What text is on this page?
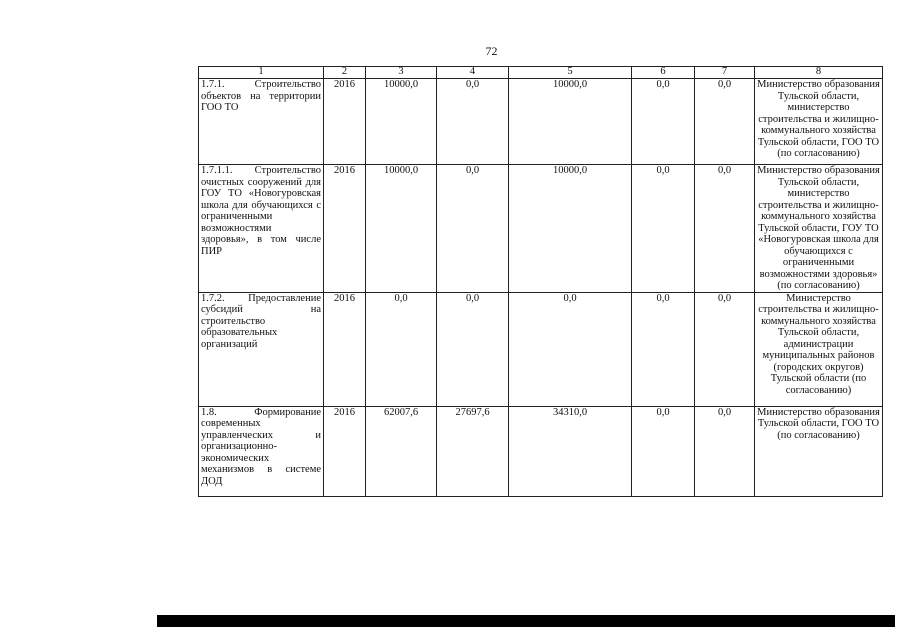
72
1	2	3	4	5	6	7	8
1.7.1. Строительство объектов на территории ГОО ТО	2016	10000,0	0,0	10000,0	0,0	0,0	Министерство образования Тульской области, министерство строительства и жилищно-коммунального хозяйства Тульской области, ГОО ТО (по согласованию)
1.7.1.1. Строительство очистных сооружений для ГОУ ТО «Новогуровская школа для обучающихся с ограниченными возможностями здоровья», в том числе ПИР	2016	10000,0	0,0	10000,0	0,0	0,0	Министерство образования Тульской области, министерство строительства и жилищно-коммунального хозяйства Тульской области, ГОУ ТО «Новогуровская школа для обучающихся с ограниченными возможностями здоровья» (по согласованию)
1.7.2. Предоставление субсидий на строительство образовательных организаций	2016	0,0	0,0	0,0	0,0	0,0	Министерство строительства и жилищно-коммунального хозяйства Тульской области, администрации муниципальных районов (городских округов) Тульской области (по согласованию)
1.8. Формирование современных управленческих и организационно-экономических механизмов в системе ДОД	2016	62007,6	27697,6	34310,0	0,0	0,0	Министерство образования Тульской области, ГОО ТО (по согласованию)
